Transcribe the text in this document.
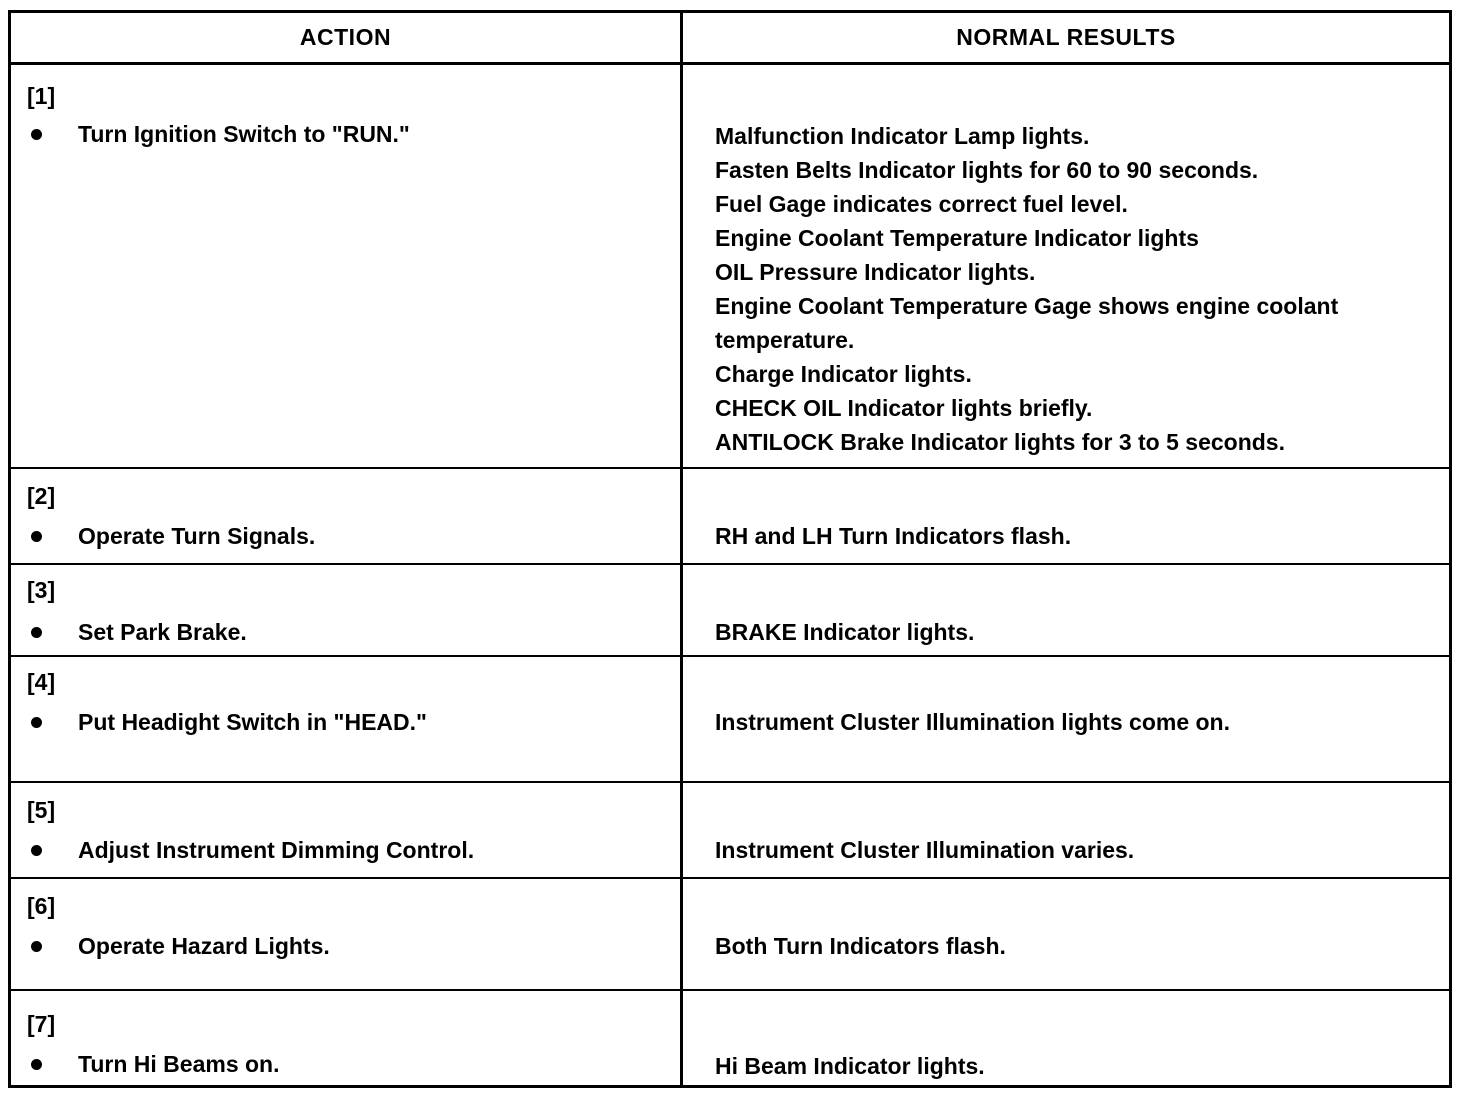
ACTION	NORMAL RESULTS
[1]
Turn Ignition Switch to "RUN."	Malfunction Indicator Lamp lights.
Fasten Belts Indicator lights for 60 to 90 seconds.
Fuel Gage indicates correct fuel level.
Engine Coolant Temperature Indicator lights
OIL Pressure Indicator lights.
Engine Coolant Temperature Gage shows engine coolant temperature.
Charge Indicator lights.
CHECK OIL Indicator lights briefly.
ANTILOCK Brake Indicator lights for 3 to 5 seconds.
[2]
Operate Turn Signals.	RH and LH Turn Indicators flash.
[3]
Set Park Brake.	BRAKE Indicator lights.
[4]
Put Headight Switch in "HEAD."	Instrument Cluster Illumination lights come on.
[5]
Adjust Instrument Dimming Control.	Instrument Cluster Illumination varies.
[6]
Operate Hazard Lights.	Both Turn Indicators flash.
[7]
Turn Hi Beams on.	Hi Beam Indicator lights.
